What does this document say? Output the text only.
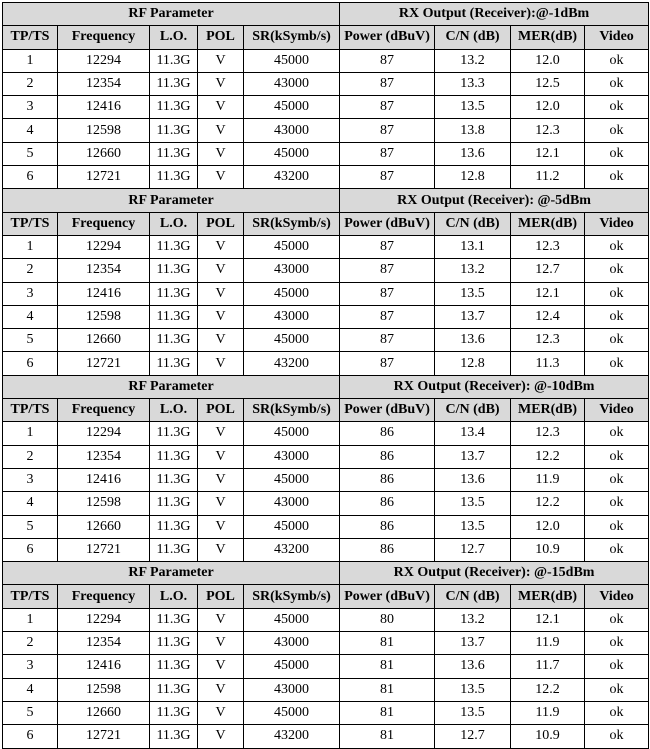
RF Parameter					RX Output (Receiver):@-1dBm			
TP/TS	Frequency	L.O.	POL	SR(kSymb/s)	Power (dBuV)	C/N (dB)	MER(dB)	Video
1	12294	11.3G	V	45000	87	13.2	12.0	ok
2	12354	11.3G	V	43000	87	13.3	12.5	ok
3	12416	11.3G	V	45000	87	13.5	12.0	ok
4	12598	11.3G	V	43000	87	13.8	12.3	ok
5	12660	11.3G	V	45000	87	13.6	12.1	ok
6	12721	11.3G	V	43200	87	12.8	11.2	ok
RF Parameter					RX Output (Receiver): @-5dBm			
TP/TS	Frequency	L.O.	POL	SR(kSymb/s)	Power (dBuV)	C/N (dB)	MER(dB)	Video
1	12294	11.3G	V	45000	87	13.1	12.3	ok
2	12354	11.3G	V	43000	87	13.2	12.7	ok
3	12416	11.3G	V	45000	87	13.5	12.1	ok
4	12598	11.3G	V	43000	87	13.7	12.4	ok
5	12660	11.3G	V	45000	87	13.6	12.3	ok
6	12721	11.3G	V	43200	87	12.8	11.3	ok
RF Parameter					RX Output (Receiver): @-10dBm			
TP/TS	Frequency	L.O.	POL	SR(kSymb/s)	Power (dBuV)	C/N (dB)	MER(dB)	Video
1	12294	11.3G	V	45000	86	13.4	12.3	ok
2	12354	11.3G	V	43000	86	13.7	12.2	ok
3	12416	11.3G	V	45000	86	13.6	11.9	ok
4	12598	11.3G	V	43000	86	13.5	12.2	ok
5	12660	11.3G	V	45000	86	13.5	12.0	ok
6	12721	11.3G	V	43200	86	12.7	10.9	ok
RF Parameter					RX Output (Receiver): @-15dBm			
TP/TS	Frequency	L.O.	POL	SR(kSymb/s)	Power (dBuV)	C/N (dB)	MER(dB)	Video
1	12294	11.3G	V	45000	80	13.2	12.1	ok
2	12354	11.3G	V	43000	81	13.7	11.9	ok
3	12416	11.3G	V	45000	81	13.6	11.7	ok
4	12598	11.3G	V	43000	81	13.5	12.2	ok
5	12660	11.3G	V	45000	81	13.5	11.9	ok
6	12721	11.3G	V	43200	81	12.7	10.9	ok
